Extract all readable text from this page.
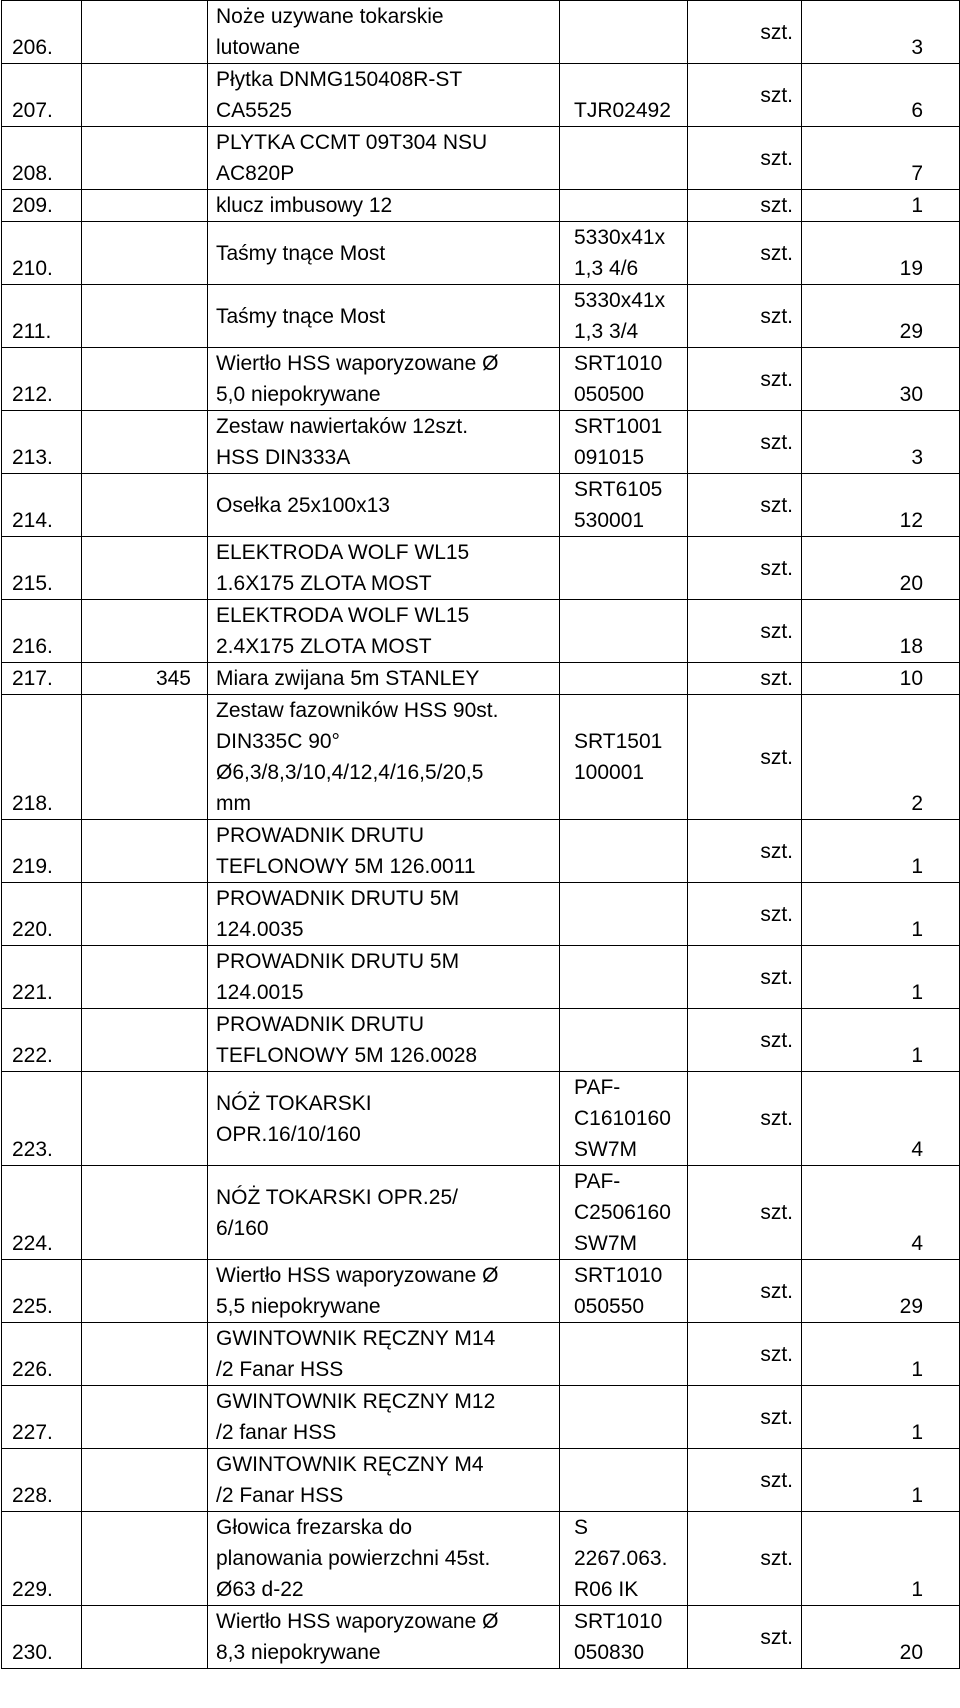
206.		Noże uzywane tokarskie
lutowane		szt.	3
207.		Płytka DNMG150408R-ST
CA5525	TJR02492	szt.	6
208.		PLYTKA CCMT 09T304 NSU
AC820P		szt.	7
209.		klucz imbusowy 12		szt.	1
210.		Taśmy tnące Most	5330x41x
1,3 4/6	szt.	19
211.		Taśmy tnące Most	5330x41x
1,3 3/4	szt.	29
212.		Wiertło HSS waporyzowane Ø
5,0 niepokrywane	SRT1010
050500	szt.	30
213.		Zestaw nawiertaków 12szt.
HSS DIN333A	SRT1001
091015	szt.	3
214.		Osełka 25x100x13	SRT6105
530001	szt.	12
215.		ELEKTRODA WOLF WL15
1.6X175 ZLOTA MOST		szt.	20
216.		ELEKTRODA WOLF WL15
2.4X175 ZLOTA MOST		szt.	18
217.	345	Miara zwijana 5m STANLEY		szt.	10
218.		Zestaw fazowników HSS 90st.
DIN335C 90°
Ø6,3/8,3/10,4/12,4/16,5/20,5
mm	SRT1501
100001	szt.	2
219.		PROWADNIK DRUTU
TEFLONOWY 5M 126.0011		szt.	1
220.		PROWADNIK DRUTU 5M
124.0035		szt.	1
221.		PROWADNIK DRUTU 5M
124.0015		szt.	1
222.		PROWADNIK DRUTU
TEFLONOWY 5M 126.0028		szt.	1
223.		NÓŻ TOKARSKI
OPR.16/10/160	PAF-
C1610160
SW7M	szt.	4
224.		NÓŻ TOKARSKI OPR.25/
6/160	PAF-
C2506160
SW7M	szt.	4
225.		Wiertło HSS waporyzowane Ø
5,5 niepokrywane	SRT1010
050550	szt.	29
226.		GWINTOWNIK RĘCZNY M14
/2 Fanar HSS		szt.	1
227.		GWINTOWNIK RĘCZNY M12
/2 fanar HSS		szt.	1
228.		GWINTOWNIK RĘCZNY M4
/2 Fanar HSS		szt.	1
229.		Głowica frezarska do
planowania powierzchni 45st.
Ø63 d-22	S
2267.063.
R06 IK	szt.	1
230.		Wiertło HSS waporyzowane Ø
8,3 niepokrywane	SRT1010
050830	szt.	20
